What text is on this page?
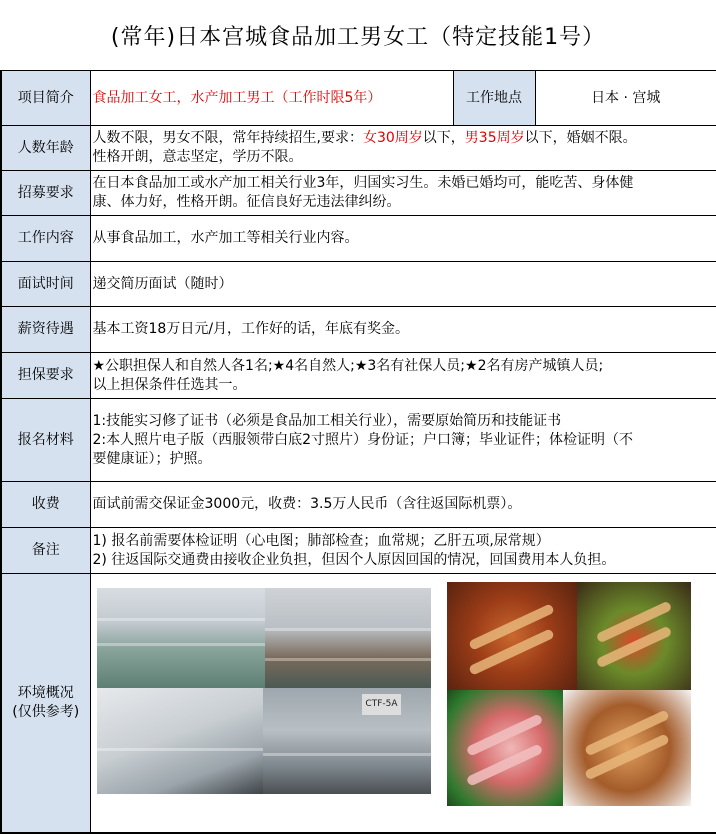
(常年)日本宫城食品加工男女工（特定技能1号）
项目简介	食品加工女工，水产加工男工（工作时限5年）	工作地点	日本 · 宫城
人数年龄	人数不限，男女不限，常年持续招生,要求：女30周岁以下，男35周岁以下，婚姻不限。
性格开朗，意志坚定，学历不限。		
招募要求	在日本食品加工或水产加工相关行业3年，归国实习生。未婚已婚均可，能吃苦、身体健
康、体力好，性格开朗。征信良好无违法律纠纷。		
工作内容	从事食品加工，水产加工等相关行业内容。		
面试时间	递交简历面试（随时）		
薪资待遇	基本工资18万日元/月，工作好的话，年底有奖金。		
担保要求	★公职担保人和自然人各1名;★4名自然人;★3名有社保人员;★2名有房产城镇人员;
以上担保条件任选其一。		
报名材料	1:技能实习修了证书（必须是食品加工相关行业），需要原始简历和技能证书
2:本人照片电子版（西服领带白底2寸照片）身份证；户口簿；毕业证件；体检证明（不
要健康证）；护照。		
收费	面试前需交保证金3000元，收费：3.5万人民币（含往返国际机票）。		
备注	1) 报名前需要体检证明（心电图；肺部检查；血常规；乙肝五项,尿常规）
2) 往返国际交通费由接收企业负担，但因个人原因回国的情况，回国费用本人负担。		
环境概况
(仅供参考)	CTF-5A		
